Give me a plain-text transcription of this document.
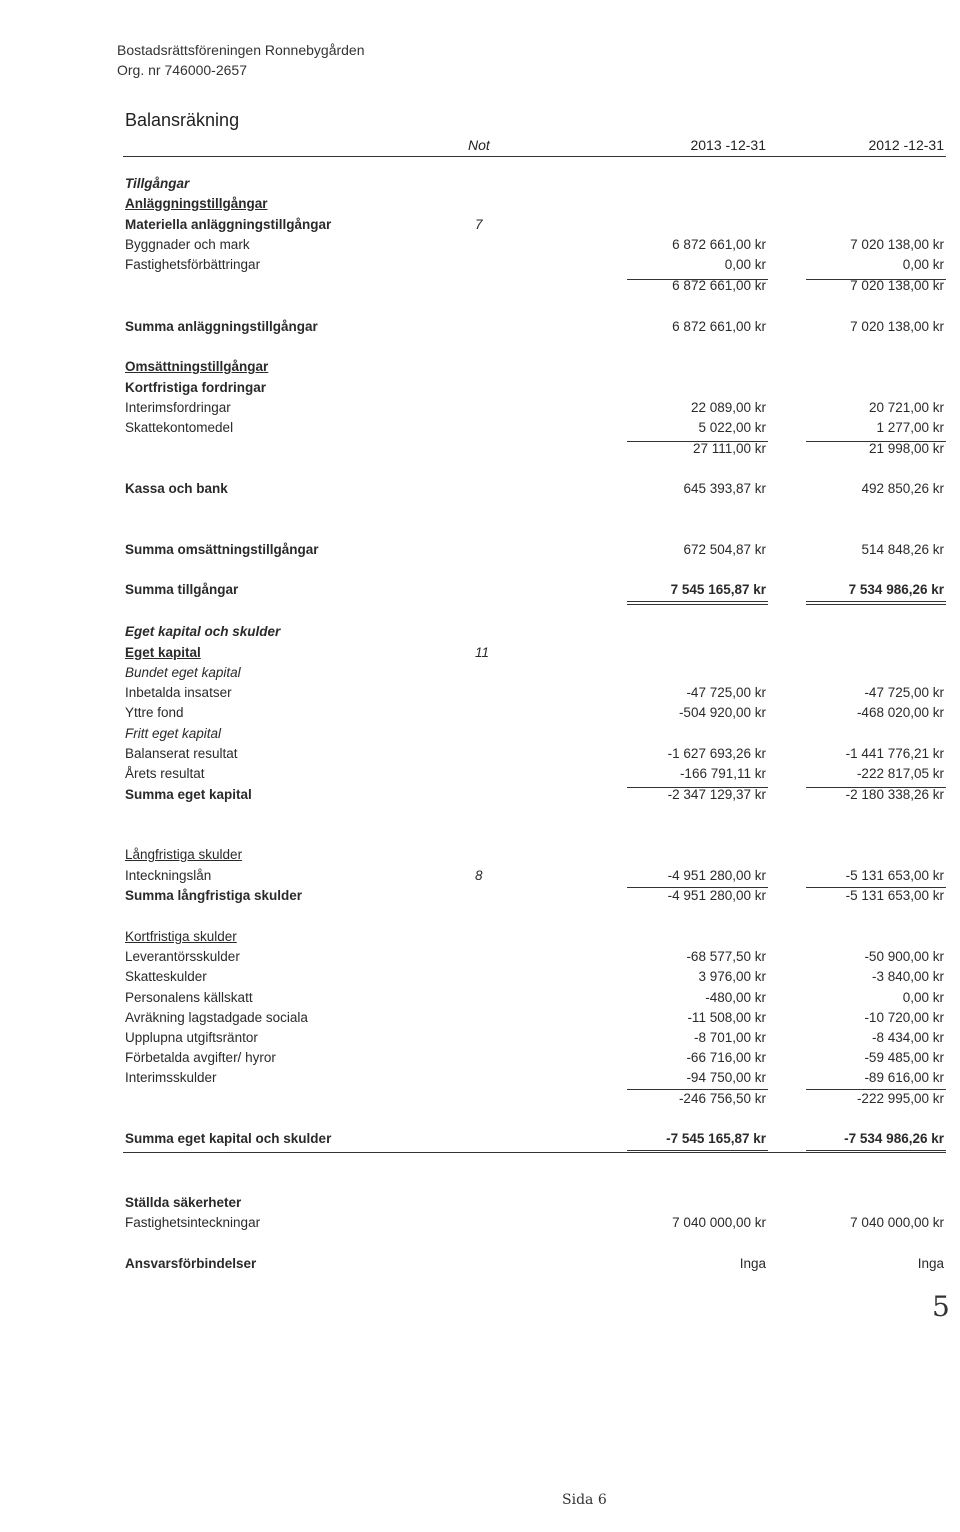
Bostadsrättsföreningen Ronnebygården
Org. nr 746000-2657
Balansräkning
Not	2013 -12-31	2012 -12-31
Tillgångar
Anläggningstillgångar
Materiella anläggningstillgångar	7
Byggnader och mark	6 872 661,00 kr	7 020 138,00 kr
Fastighetsförbättringar	0,00 kr	0,00 kr
6 872 661,00 kr	7 020 138,00 kr
Summa anläggningstillgångar	6 872 661,00 kr	7 020 138,00 kr
Omsättningstillgångar
Kortfristiga fordringar
Interimsfordringar	22 089,00 kr	20 721,00 kr
Skattekontomedel	5 022,00 kr	1 277,00 kr
27 111,00 kr	21 998,00 kr
Kassa och bank	645 393,87 kr	492 850,26 kr
Summa omsättningstillgångar	672 504,87 kr	514 848,26 kr
Summa tillgångar	7 545 165,87 kr	7 534 986,26 kr
Eget kapital och skulder
Eget kapital	11
Bundet eget kapital
Inbetalda insatser	-47 725,00 kr	-47 725,00 kr
Yttre fond	-504 920,00 kr	-468 020,00 kr
Fritt eget kapital
Balanserat resultat	-1 627 693,26 kr	-1 441 776,21 kr
Årets resultat	-166 791,11 kr	-222 817,05 kr
Summa eget kapital	-2 347 129,37 kr	-2 180 338,26 kr
Långfristiga skulder
Inteckningslån	8	-4 951 280,00 kr	-5 131 653,00 kr
Summa långfristiga skulder	-4 951 280,00 kr	-5 131 653,00 kr
Kortfristiga skulder
Leverantörsskulder	-68 577,50 kr	-50 900,00 kr
Skatteskulder	3 976,00 kr	-3 840,00 kr
Personalens källskatt	-480,00 kr	0,00 kr
Avräkning lagstadgade sociala	-11 508,00 kr	-10 720,00 kr
Upplupna utgiftsräntor	-8 701,00 kr	-8 434,00 kr
Förbetalda avgifter/ hyror	-66 716,00 kr	-59 485,00 kr
Interimsskulder	-94 750,00 kr	-89 616,00 kr
-246 756,50 kr	-222 995,00 kr
Summa eget kapital och skulder	-7 545 165,87 kr	-7 534 986,26 kr
Ställda säkerheter
Fastighetsinteckningar	7 040 000,00 kr	7 040 000,00 kr
Ansvarsförbindelser	Inga	Inga
5
Sida 6
